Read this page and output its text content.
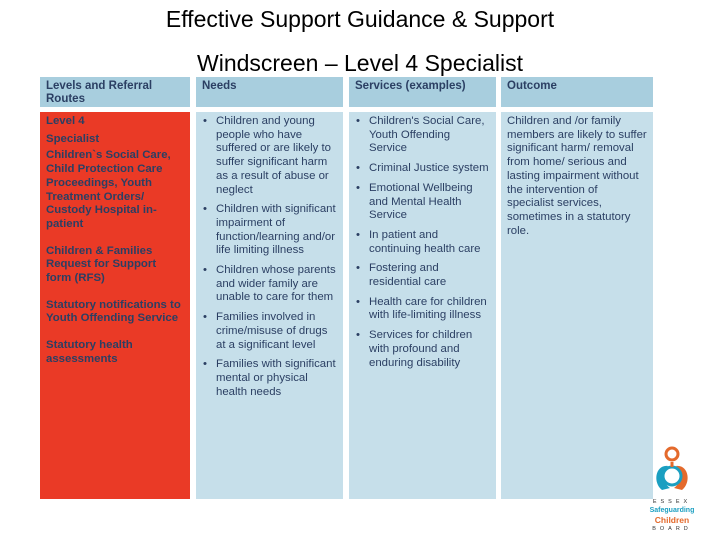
Effective Support Guidance & Support
Windscreen – Level 4 Specialist
Levels and Referral Routes
Needs	Services (examples)	Outcome
Level 4
Specialist
Children`s Social Care, Child Protection Care Proceedings, Youth Treatment Orders/ Custody Hospital in-patient
Children & Families Request for Support form (RFS)
Statutory notifications to Youth Offending Service
Statutory health assessments
• Children and young people who have suffered or are likely to suffer significant harm as a result of abuse or neglect
• Children with significant impairment of function/learning and/or life limiting illness
• Children whose parents and wider family are unable to care for them
• Families involved in crime/misuse of drugs at a significant level
• Families with significant mental or physical health needs
• Children's Social Care, Youth Offending Service
• Criminal Justice system
• Emotional Wellbeing and Mental Health Service
• In patient and continuing health care
• Fostering and residential care
• Health care for children with life-limiting illness
• Services for children with profound and enduring disability
Children and /or family members are likely to suffer significant harm/ removal from home/ serious and lasting impairment without the intervention of specialist services, sometimes in a statutory role.
ESSEX
Safeguarding
Children
BOARD
